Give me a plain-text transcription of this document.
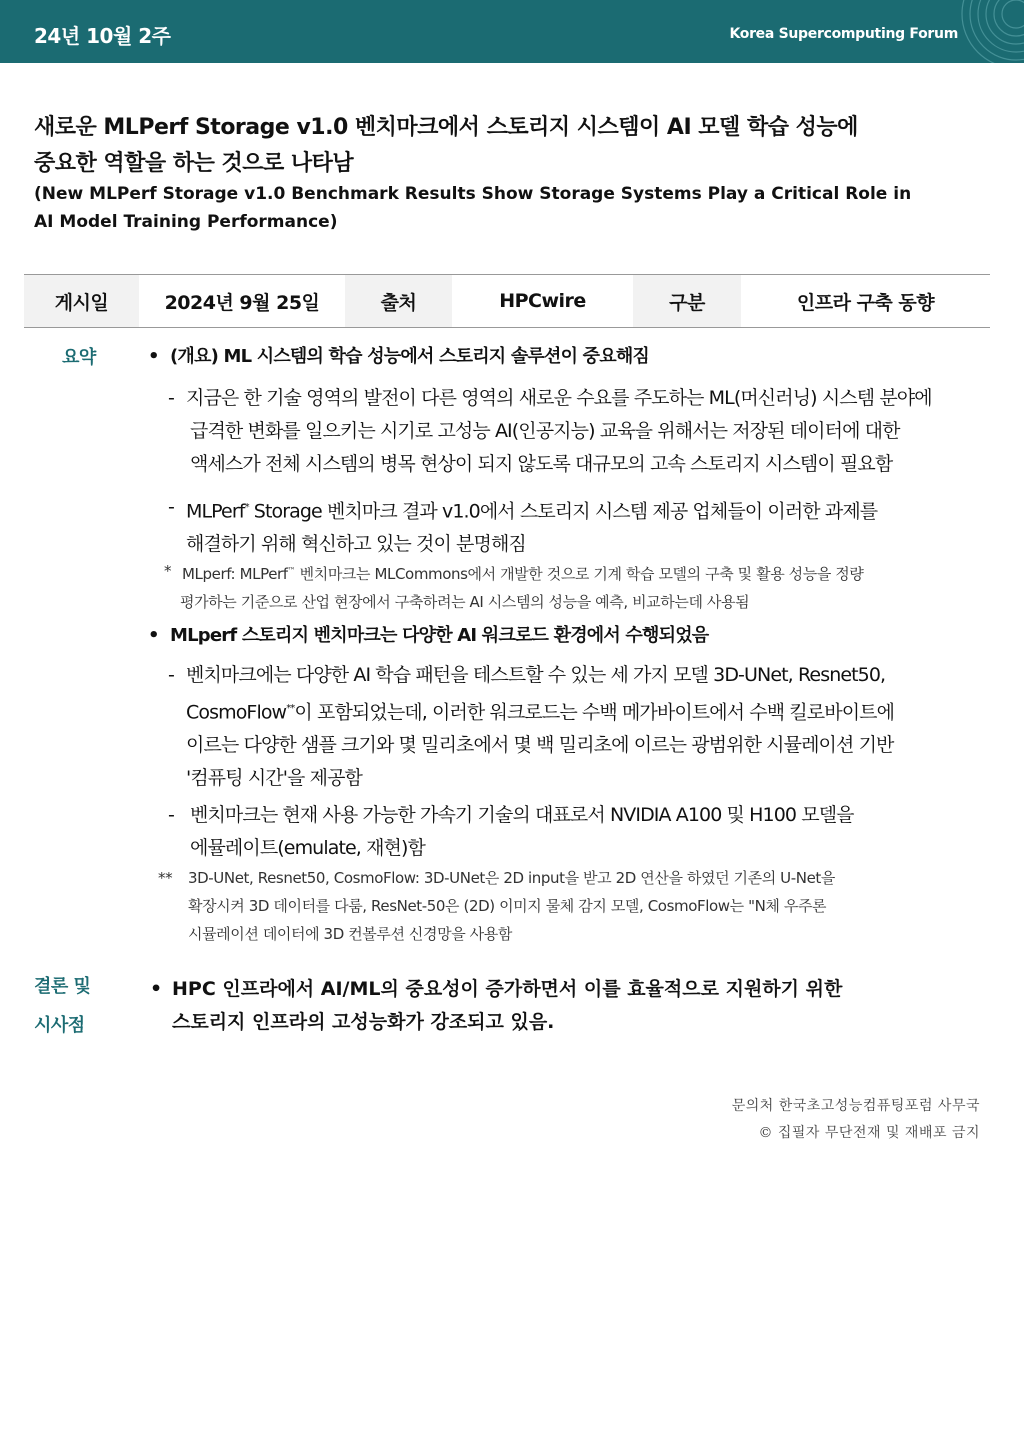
24년 10월 2주	Korea Supercomputing Forum
새로운 MLPerf Storage v1.0 벤치마크에서 스토리지 시스템이 AI 모델 학습 성능에
중요한 역할을 하는 것으로 나타남
(New MLPerf Storage v1.0 Benchmark Results Show Storage Systems Play a Critical Role in
AI Model Training Performance)
게시일	2024년 9월 25일	출처	HPCwire	구분	인프라 구축 동향
요약	• (개요) ML 시스템의 학습 성능에서 스토리지 솔루션이 중요해짐
- 지금은 한 기술 영역의 발전이 다른 영역의 새로운 수요를 주도하는 ML(머신러닝) 시스템 분야에
급격한 변화를 일으키는 시기로 고성능 AI(인공지능) 교육을 위해서는 저장된 데이터에 대한
액세스가 전체 시스템의 병목 현상이 되지 않도록 대규모의 고속 스토리지 시스템이 필요함
- MLPerf* Storage 벤치마크 결과 v1.0에서 스토리지 시스템 제공 업체들이 이러한 과제를
해결하기 위해 혁신하고 있는 것이 분명해짐
* MLperf: MLPerf™ 벤치마크는 MLCommons에서 개발한 것으로 기계 학습 모델의 구축 및 활용 성능을 정량
평가하는 기준으로 산업 현장에서 구축하려는 AI 시스템의 성능을 예측, 비교하는데 사용됨
• MLperf 스토리지 벤치마크는 다양한 AI 워크로드 환경에서 수행되었음
- 벤치마크에는 다양한 AI 학습 패턴을 테스트할 수 있는 세 가지 모델 3D-UNet, Resnet50,
CosmoFlow**이 포함되었는데, 이러한 워크로드는 수백 메가바이트에서 수백 킬로바이트에
이르는 다양한 샘플 크기와 몇 밀리초에서 몇 백 밀리초에 이르는 광범위한 시뮬레이션 기반
'컴퓨팅 시간'을 제공함
- 벤치마크는 현재 사용 가능한 가속기 기술의 대표로서 NVIDIA A100 및 H100 모델을
에뮬레이트(emulate, 재현)함
** 3D-UNet, Resnet50, CosmoFlow: 3D-UNet은 2D input을 받고 2D 연산을 하였던 기존의 U-Net을
확장시켜 3D 데이터를 다룸, ResNet-50은 (2D) 이미지 물체 감지 모델, CosmoFlow는 "N체 우주론
시뮬레이션 데이터에 3D 컨볼루션 신경망을 사용함
결론 및
시사점
• HPC 인프라에서 AI/ML의 중요성이 증가하면서 이를 효율적으로 지원하기 위한
스토리지 인프라의 고성능화가 강조되고 있음.
문의처 한국초고성능컴퓨팅포럼 사무국
© 집필자 무단전재 및 재배포 금지
